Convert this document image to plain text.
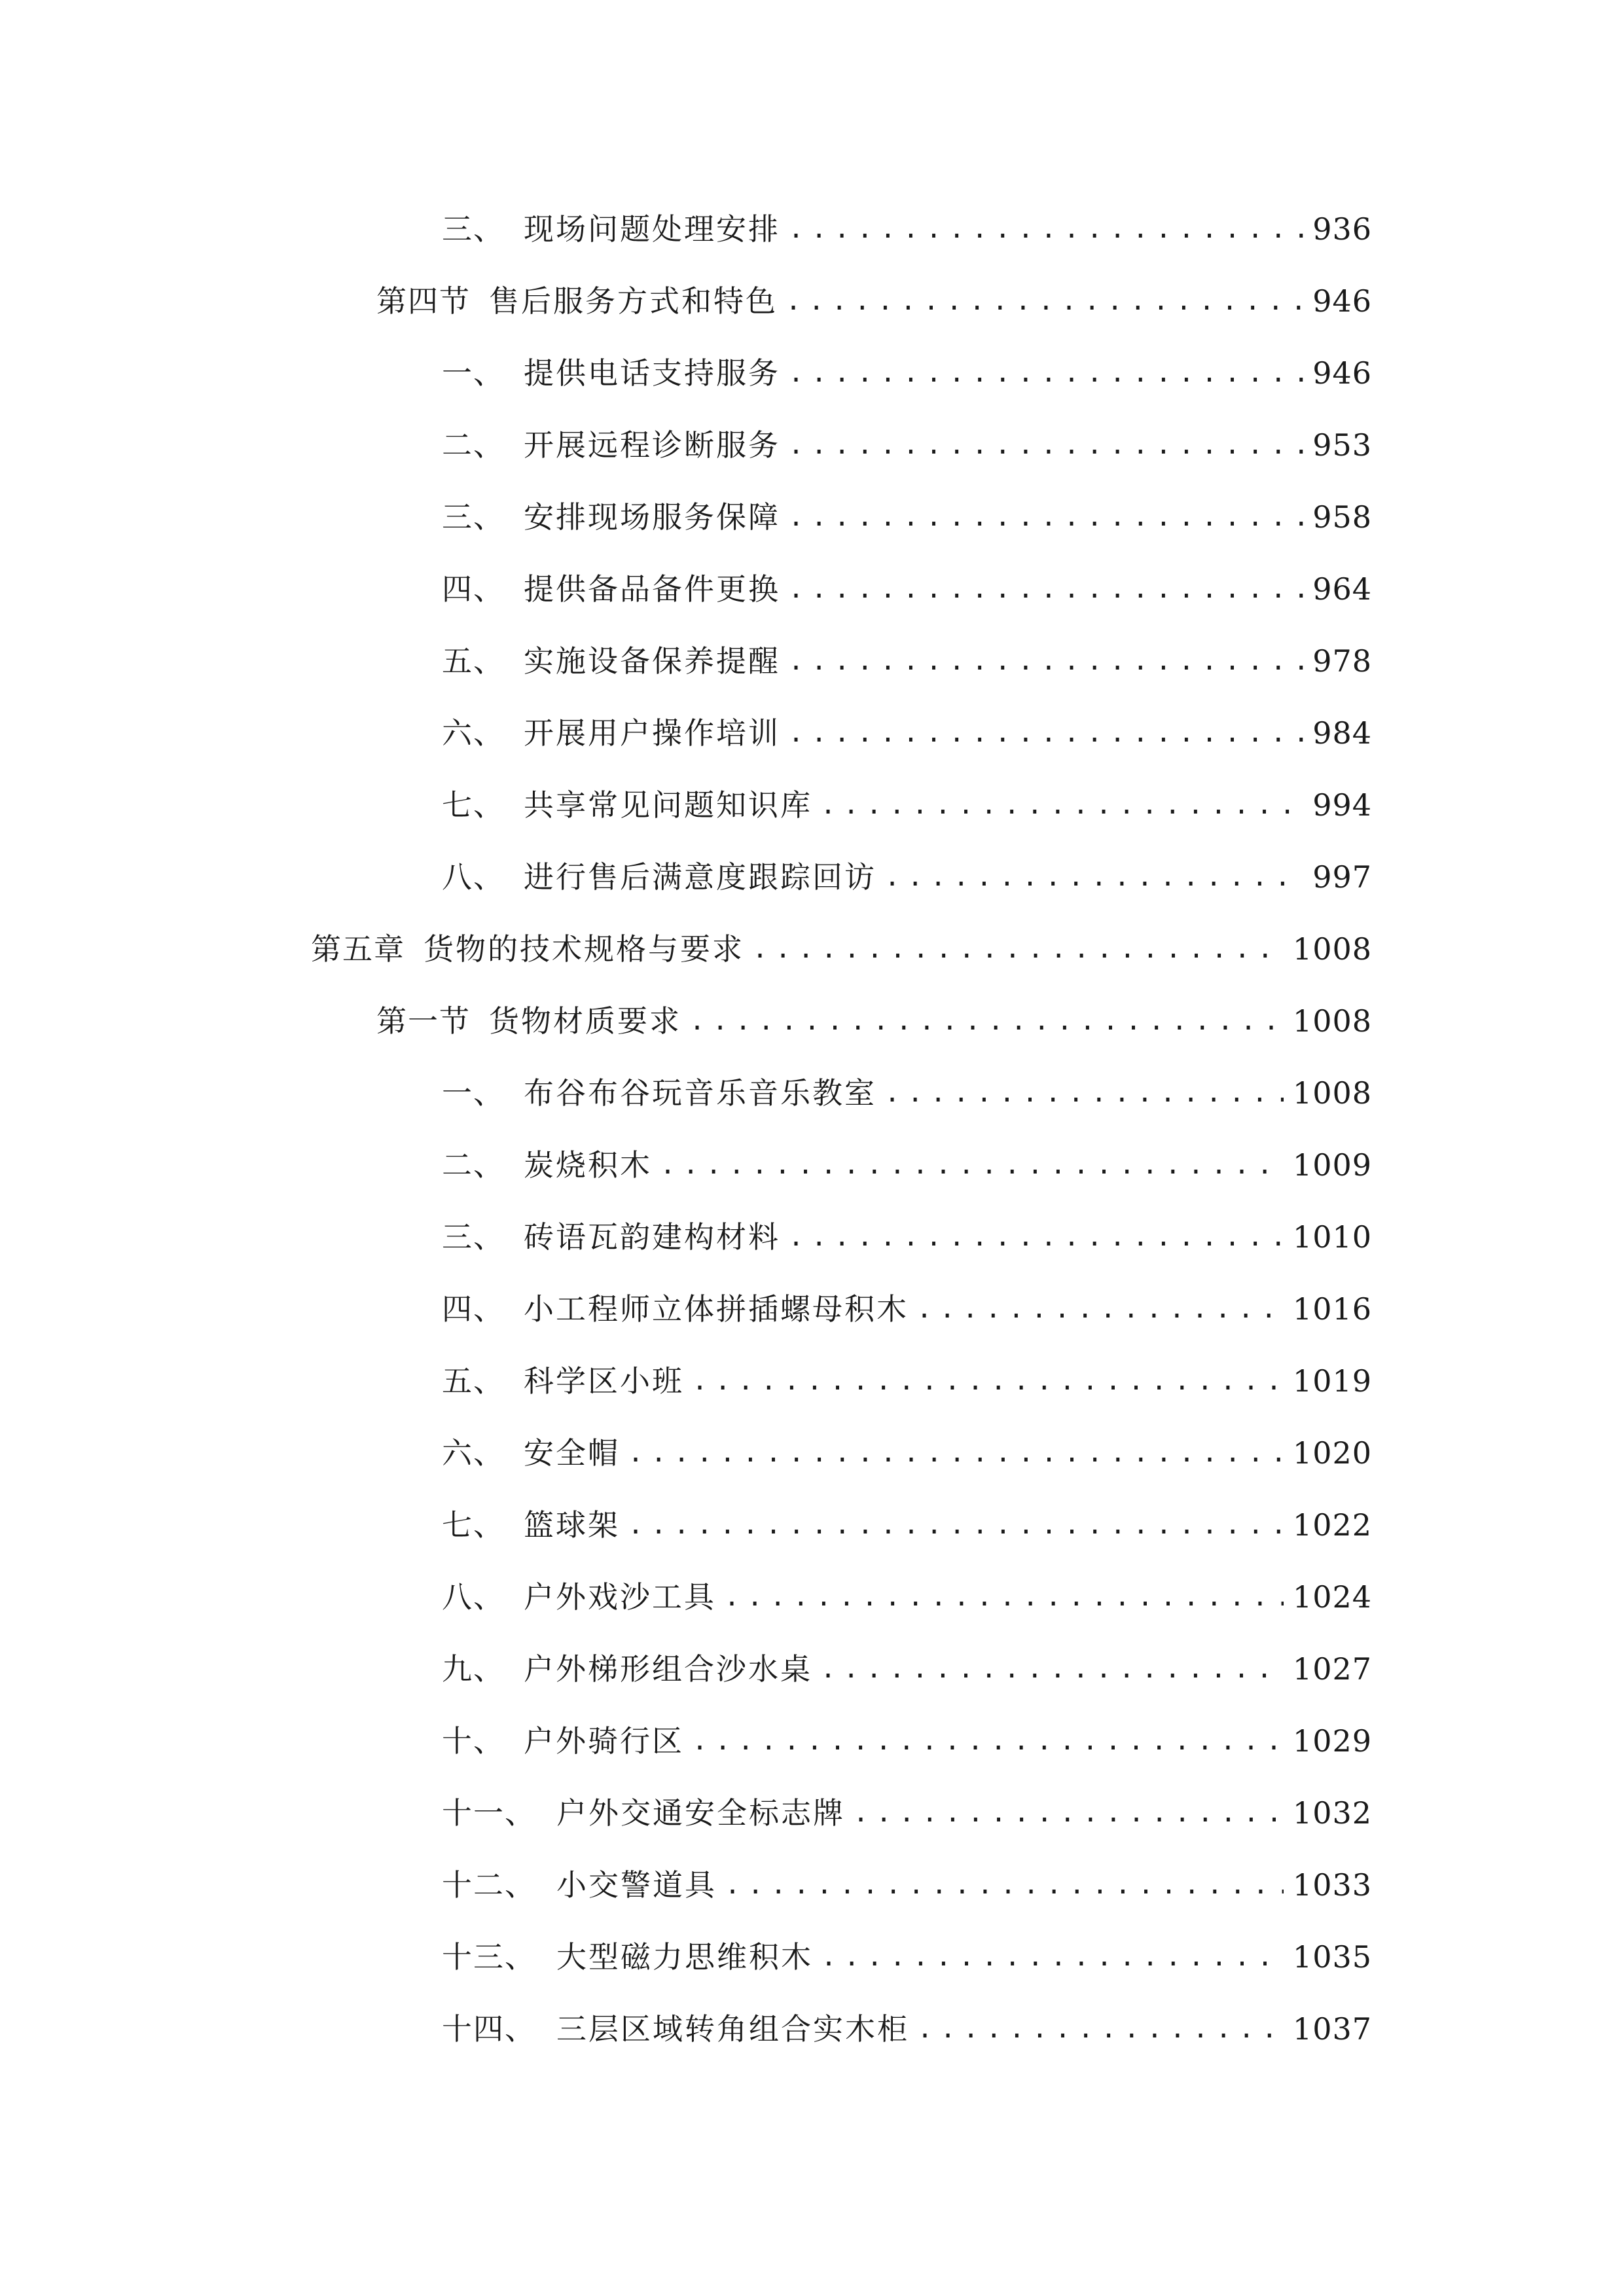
三、 现场问题处理安排 .....	936
第四节 售后服务方式和特色 .....	946
一、 提供电话支持服务 .....	946
二、 开展远程诊断服务 .....	953
三、 安排现场服务保障 .....	958
四、 提供备品备件更换 .....	964
五、 实施设备保养提醒 .....	978
六、 开展用户操作培训 .....	984
七、 共享常见问题知识库 .....	994
八、 进行售后满意度跟踪回访 .....	997
第五章 货物的技术规格与要求 .....	1008
第一节 货物材质要求 .....	1008
一、 布谷布谷玩音乐音乐教室 .....	1008
二、 炭烧积木 .....	1009
三、 砖语瓦韵建构材料 .....	1010
四、 小工程师立体拼插螺母积木 .....	1016
五、 科学区小班 .....	1019
六、 安全帽 .....	1020
七、 篮球架 .....	1022
八、 户外戏沙工具 .....	1024
九、 户外梯形组合沙水桌 .....	1027
十、 户外骑行区 .....	1029
十一、 户外交通安全标志牌 .....	1032
十二、 小交警道具 .....	1033
十三、 大型磁力思维积木 .....	1035
十四、 三层区域转角组合实木柜 .....	1037
